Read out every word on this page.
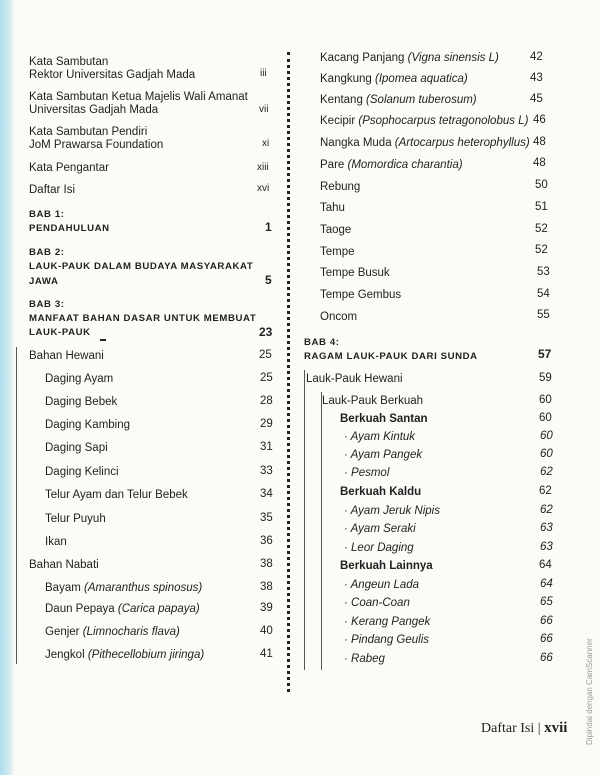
Kata Sambutan
Rektor Universitas Gadjah Mada	iii
Kata Sambutan Ketua Majelis Wali Amanat
Universitas Gadjah Mada	vii
Kata Sambutan Pendiri
JoM Prawarsa Foundation	xi
Kata Pengantar	xiii
Daftar Isi	xvi
BAB 1:
PENDAHULUAN	1
BAB 2:
LAUK-PAUK DALAM BUDAYA MASYARAKAT
JAWA	5
BAB 3:
MANFAAT BAHAN DASAR UNTUK MEMBUAT
LAUK-PAUK	23
Bahan Hewani	25
Daging Ayam	25
Daging Bebek	28
Daging Kambing	29
Daging Sapi	31
Daging Kelinci	33
Telur Ayam dan Telur Bebek	34
Telur Puyuh	35
Ikan	36
Bahan Nabati	38
Bayam (Amaranthus spinosus)	38
Daun Pepaya (Carica papaya)	39
Genjer (Limnocharis flava)	40
Jengkol (Pithecellobium jiringa)	41
Kacang Panjang (Vigna sinensis L)	42
Kangkung (Ipomea aquatica)	43
Kentang (Solanum tuberosum)	45
Kecipir (Psophocarpus tetragonolobus L) 46
Nangka Muda (Artocarpus heterophyllus) 48
Pare (Momordica charantia)	48
Rebung	50
Tahu	51
Taoge	52
Tempe	52
Tempe Busuk	53
Tempe Gembus	54
Oncom	55
BAB 4:
RAGAM LAUK-PAUK DARI SUNDA	57
Lauk-Pauk Hewani	59
Lauk-Pauk Berkuah	60
Berkuah Santan	60
· Ayam Kintuk	60
· Ayam Pangek	60
· Pesmol	62
Berkuah Kaldu	62
· Ayam Jeruk Nipis	62
· Ayam Seraki	63
· Leor Daging	63
Berkuah Lainnya	64
· Angeun Lada	64
· Coan-Coan	65
· Kerang Pangek	66
· Pindang Geulis	66
· Rabeg	66
Daftar Isi | xvii Dipindai dengan CamScanner
